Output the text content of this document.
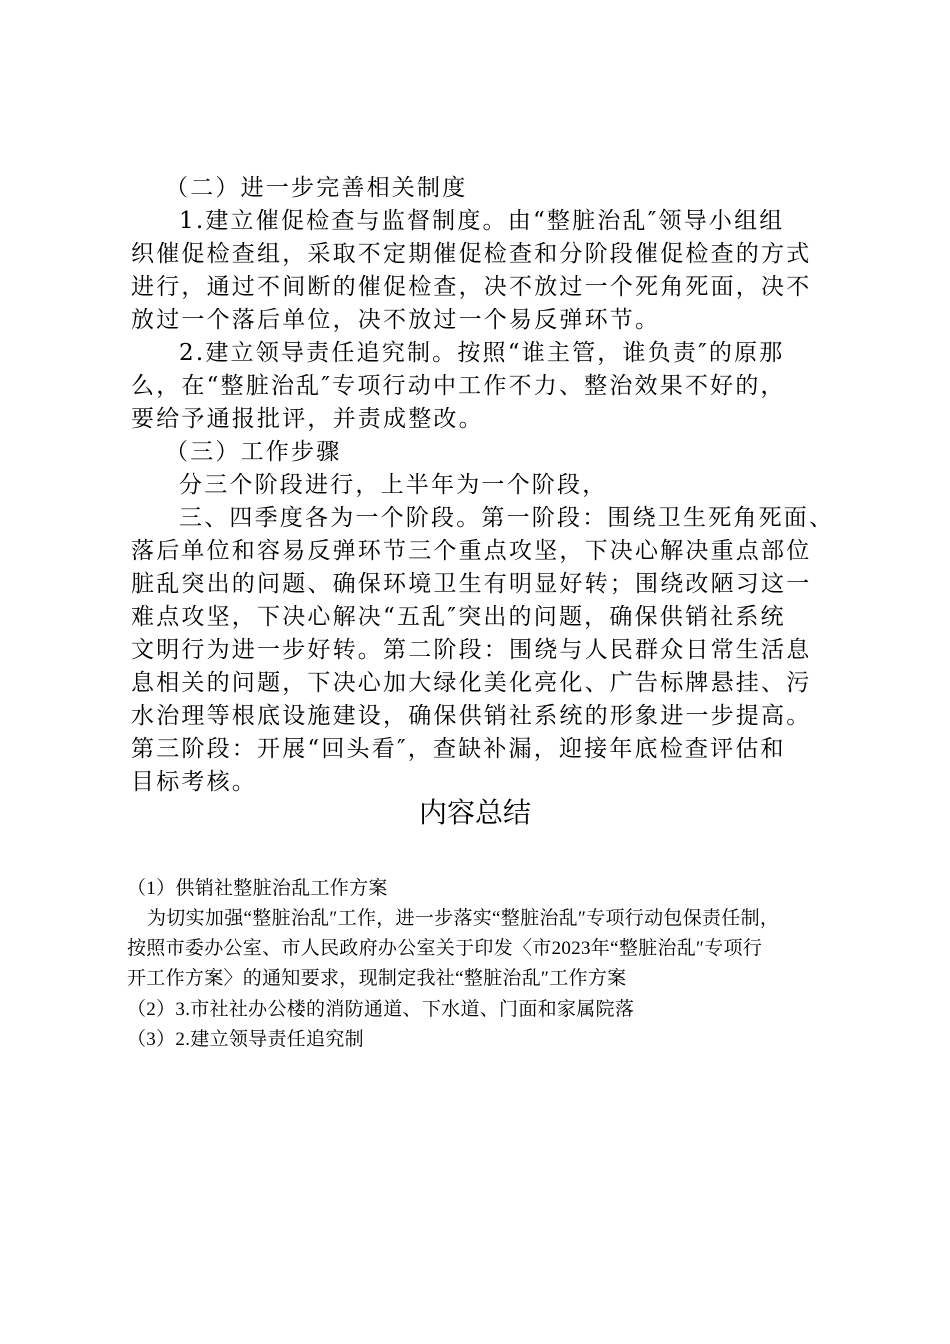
（二）进一步完善相关制度
1.建立催促检查与监督制度。由“整脏治乱″领导小组组
织催促检查组，采取不定期催促检查和分阶段催促检查的方式
进行，通过不间断的催促检查，决不放过一个死角死面，决不
放过一个落后单位，决不放过一个易反弹环节。
2.建立领导责任追究制。按照“谁主管，谁负责″的原那
么，在“整脏治乱″专项行动中工作不力、整治效果不好的，
要给予通报批评，并责成整改。
（三）工作步骤
分三个阶段进行，上半年为一个阶段，
三、四季度各为一个阶段。第一阶段：围绕卫生死角死面、
落后单位和容易反弹环节三个重点攻坚，下决心解决重点部位
脏乱突出的问题、确保环境卫生有明显好转；围绕改陋习这一
难点攻坚，下决心解决“五乱″突出的问题，确保供销社系统
文明行为进一步好转。第二阶段：围绕与人民群众日常生活息
息相关的问题，下决心加大绿化美化亮化、广告标牌悬挂、污
水治理等根底设施建设，确保供销社系统的形象进一步提高。
第三阶段：开展“回头看″，查缺补漏，迎接年底检查评估和
目标考核。
内容总结
（1）供销社整脏治乱工作方案
为切实加强“整脏治乱″工作，进一步落实“整脏治乱″专项行动包保责任制，
按照市委办公室、市人民政府办公室关于印发〈市2023年“整脏治乱″专项行
开工作方案〉的通知要求，现制定我社“整脏治乱″工作方案
（2）3.市社社办公楼的消防通道、下水道、门面和家属院落
（3）2.建立领导责任追究制
